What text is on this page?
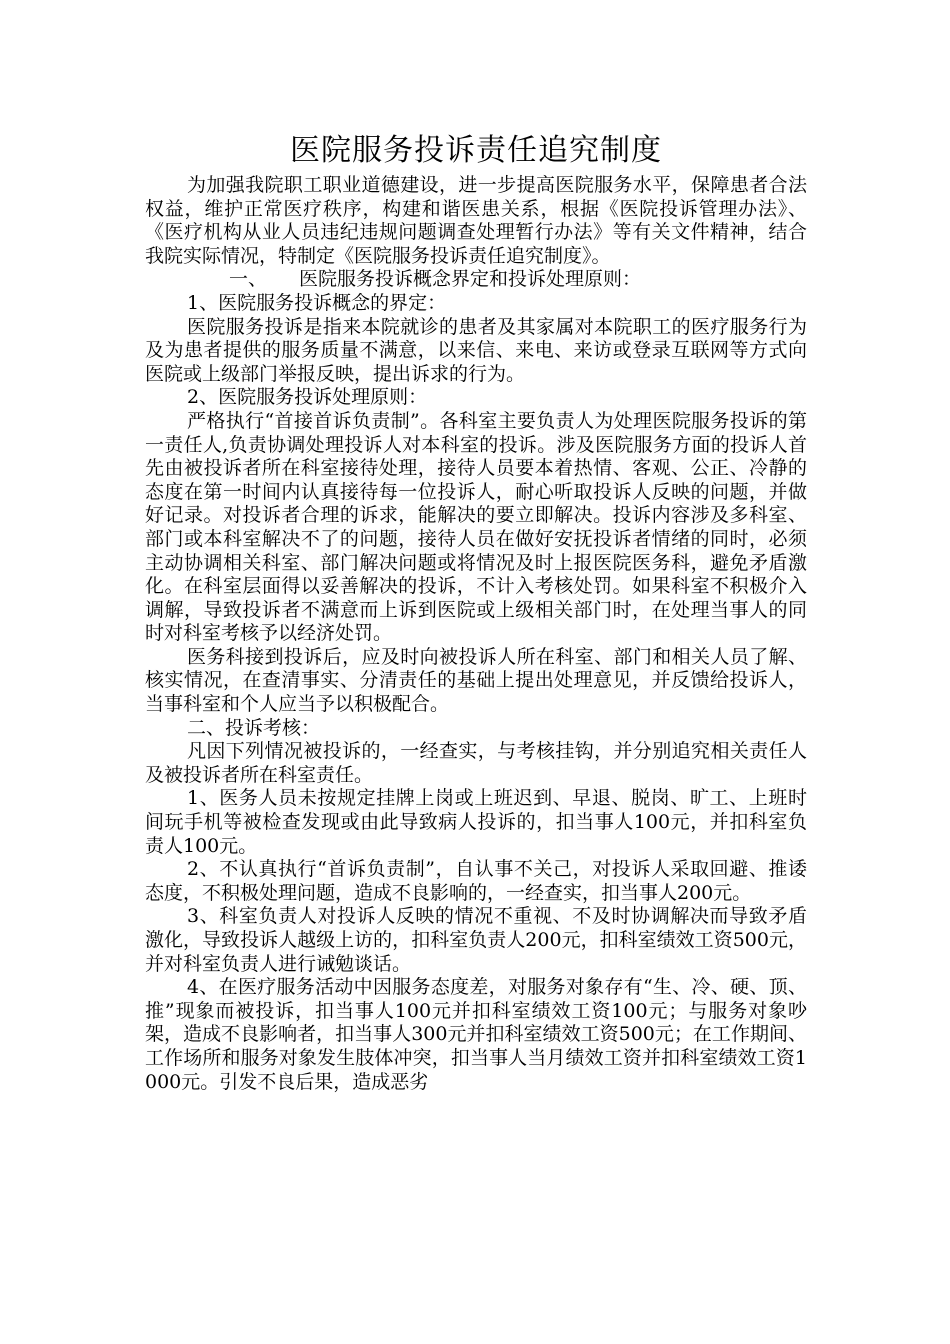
医院服务投诉责任追究制度

为加强我院职工职业道德建设，进一步提高医院服务水平，保障患者合法权益，维护正常医疗秩序，构建和谐医患关系，根据《医院投诉管理办法》、《医疗机构从业人员违纪违规问题调查处理暂行办法》等有关文件精神，结合我院实际情况，特制定《医院服务投诉责任追究制度》。

一、 医院服务投诉概念界定和投诉处理原则：

1、医院服务投诉概念的界定：

医院服务投诉是指来本院就诊的患者及其家属对本院职工的医疗服务行为及为患者提供的服务质量不满意，以来信、来电、来访或登录互联网等方式向医院或上级部门举报反映，提出诉求的行为。

2、医院服务投诉处理原则：

严格执行“首接首诉负责制”。各科室主要负责人为处理医院服务投诉的第一责任人,负责协调处理投诉人对本科室的投诉。涉及医院服务方面的投诉人首先由被投诉者所在科室接待处理，接待人员要本着热情、客观、公正、冷静的态度在第一时间内认真接待每一位投诉人，耐心听取投诉人反映的问题，并做好记录。对投诉者合理的诉求，能解决的要立即解决。投诉内容涉及多科室、部门或本科室解决不了的问题，接待人员在做好安抚投诉者情绪的同时，必须主动协调相关科室、部门解决问题或将情况及时上报医院医务科，避免矛盾激化。在科室层面得以妥善解决的投诉，不计入考核处罚。如果科室不积极介入调解，导致投诉者不满意而上诉到医院或上级相关部门时，在处理当事人的同时对科室考核予以经济处罚。

医务科接到投诉后，应及时向被投诉人所在科室、部门和相关人员了解、核实情况，在查清事实、分清责任的基础上提出处理意见，并反馈给投诉人，当事科室和个人应当予以积极配合。

二、投诉考核：

凡因下列情况被投诉的，一经查实，与考核挂钩，并分别追究相关责任人及被投诉者所在科室责任。

1、医务人员未按规定挂牌上岗或上班迟到、早退、脱岗、旷工、上班时间玩手机等被检查发现或由此导致病人投诉的，扣当事人100元，并扣科室负责人100元。

2、不认真执行“首诉负责制”，自认事不关己，对投诉人采取回避、推诿态度，不积极处理问题，造成不良影响的，一经查实，扣当事人200元。

3、科室负责人对投诉人反映的情况不重视、不及时协调解决而导致矛盾激化，导致投诉人越级上访的，扣科室负责人200元，扣科室绩效工资500元，并对科室负责人进行诫勉谈话。

4、在医疗服务活动中因服务态度差，对服务对象存有“生、冷、硬、顶、推”现象而被投诉，扣当事人100元并扣科室绩效工资100元；与服务对象吵架，造成不良影响者，扣当事人300元并扣科室绩效工资500元；在工作期间、工作场所和服务对象发生肢体冲突，扣当事人当月绩效工资并扣科室绩效工资1000元。引发不良后果，造成恶劣
